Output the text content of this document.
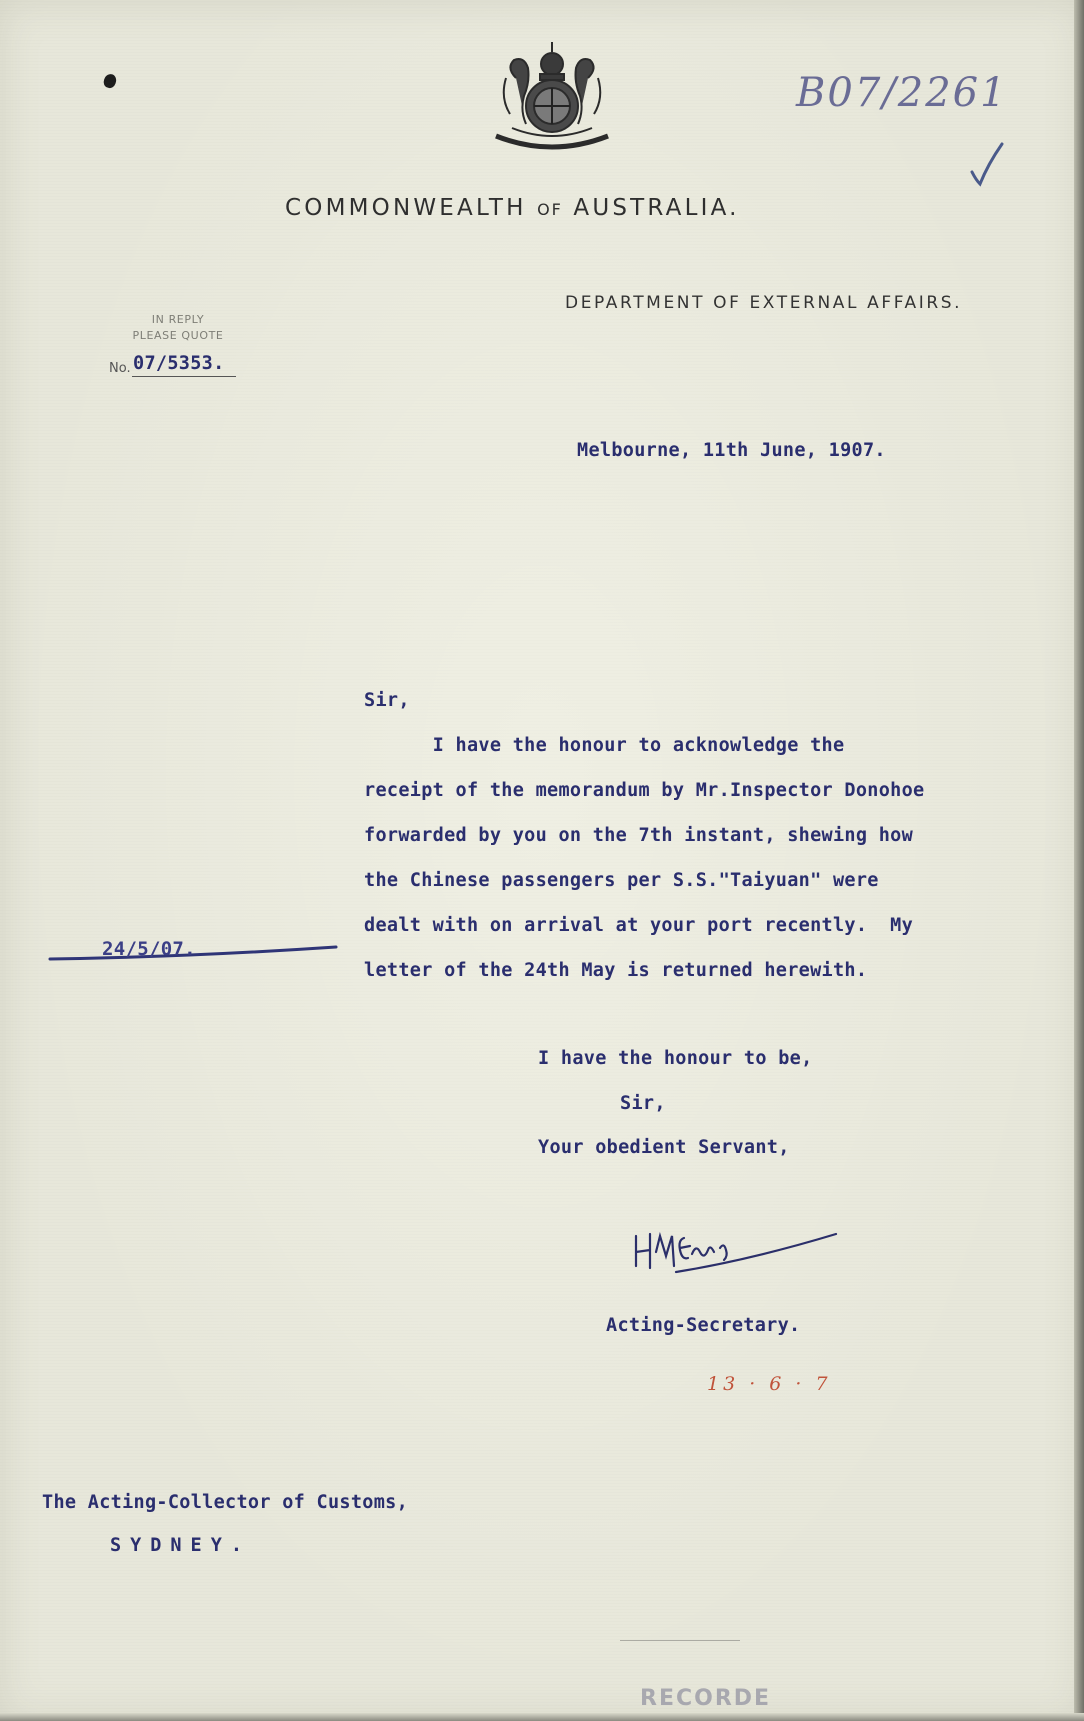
B07/2261
COMMONWEALTH OF AUSTRALIA.
DEPARTMENT OF EXTERNAL AFFAIRS.
IN REPLY
PLEASE QUOTE
No. 07/5353.
Melbourne, 11th June, 1907.
Sir,
I have the honour to acknowledge the
receipt of the memorandum by Mr.Inspector Donohoe
forwarded by you on the 7th instant, shewing how
the Chinese passengers per S.S."Taiyuan" were
dealt with on arrival at your port recently.  My
letter of the 24th May is returned herewith.
24/5/07.
I have the honour to be,
Sir,
Your obedient Servant,
Acting-Secretary.
13 · 6 · 7
The Acting-Collector of Customs,
SYDNEY.
RECORDE
